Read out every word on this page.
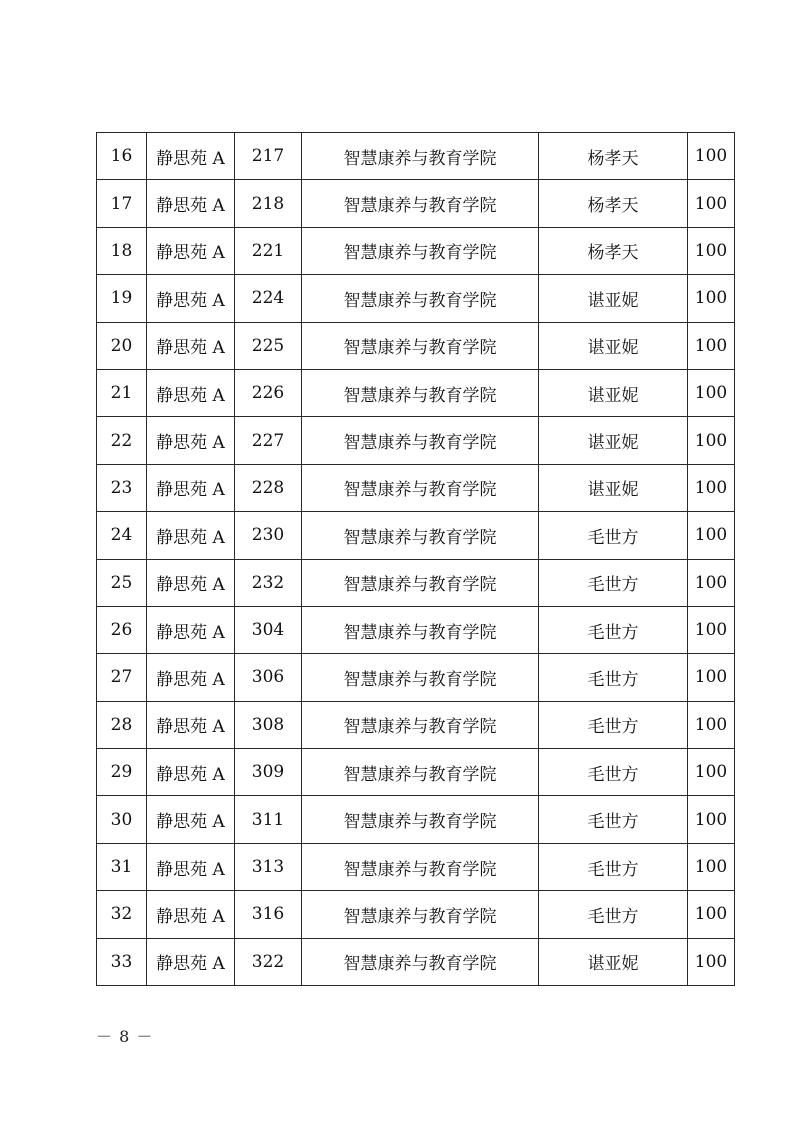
16	静思苑 A	217	智慧康养与教育学院	杨孝天	100
17	静思苑 A	218	智慧康养与教育学院	杨孝天	100
18	静思苑 A	221	智慧康养与教育学院	杨孝天	100
19	静思苑 A	224	智慧康养与教育学院	谌亚妮	100
20	静思苑 A	225	智慧康养与教育学院	谌亚妮	100
21	静思苑 A	226	智慧康养与教育学院	谌亚妮	100
22	静思苑 A	227	智慧康养与教育学院	谌亚妮	100
23	静思苑 A	228	智慧康养与教育学院	谌亚妮	100
24	静思苑 A	230	智慧康养与教育学院	毛世方	100
25	静思苑 A	232	智慧康养与教育学院	毛世方	100
26	静思苑 A	304	智慧康养与教育学院	毛世方	100
27	静思苑 A	306	智慧康养与教育学院	毛世方	100
28	静思苑 A	308	智慧康养与教育学院	毛世方	100
29	静思苑 A	309	智慧康养与教育学院	毛世方	100
30	静思苑 A	311	智慧康养与教育学院	毛世方	100
31	静思苑 A	313	智慧康养与教育学院	毛世方	100
32	静思苑 A	316	智慧康养与教育学院	毛世方	100
33	静思苑 A	322	智慧康养与教育学院	谌亚妮	100
－ 8 －
